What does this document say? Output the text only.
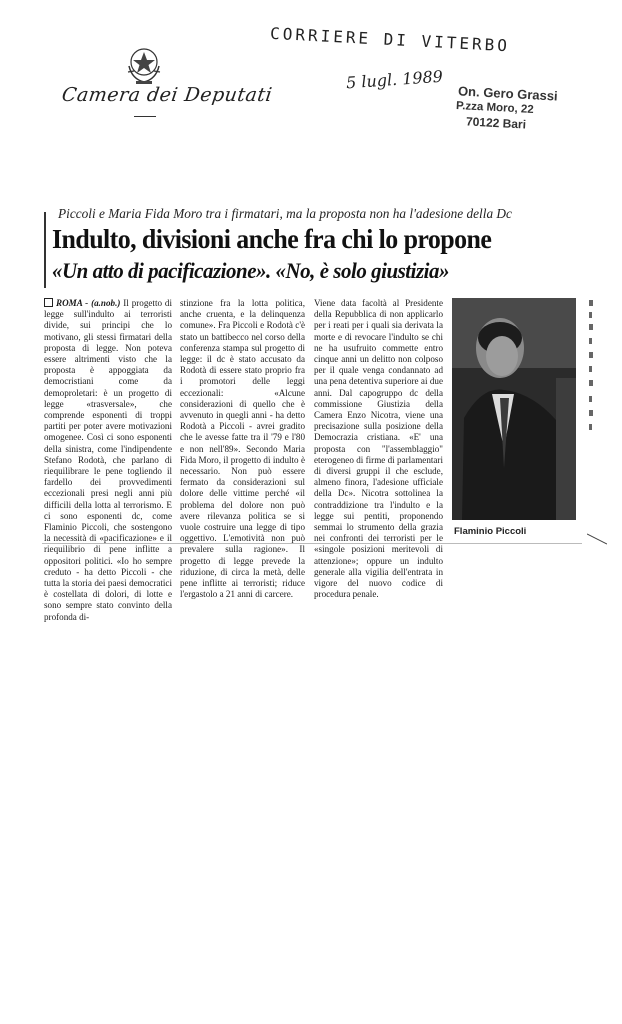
Camera dei Deputati
CORRIERE DI VITERBO
5 lugl. 1989
On. Gero Grassi
P.zza Moro, 22
70122 Bari
Piccoli e Maria Fida Moro tra i firmatari, ma la proposta non ha l'adesione della Dc
Indulto, divisioni anche fra chi lo propone
«Un atto di pacificazione». «No, è solo giustizia»
ROMA - (a.nob.) Il progetto di legge sull'indulto ai terroristi divide, sui principi che lo motivano, gli stessi firmatari della proposta di legge. Non poteva essere altrimenti visto che la proposta è appoggiata da democristiani come da demoproletari: è un progetto di legge «trasversale», che comprende esponenti di troppi partiti per poter avere motivazioni omogenee. Così ci sono esponenti della sinistra, come l'indipendente Stefano Rodotà, che parlano di riequilibrare le pene togliendo il fardello dei provvedimenti eccezionali presi negli anni più difficili della lotta al terrorismo. E ci sono esponenti dc, come Flaminio Piccoli, che sostengono la necessità di «pacificazione» e il riequilibrio di pene inflitte a oppositori politici. «Io ho sempre creduto - ha detto Piccoli - che tutta la storia dei paesi democratici è costellata di dolori, di lotte e sono sempre stato convinto della profonda di-
stinzione fra la lotta politica, anche cruenta, e la delinquenza comune». Fra Piccoli e Rodotà c'è stato un battibecco nel corso della conferenza stampa sul progetto di legge: il dc è stato accusato da Rodotà di essere stato proprio fra i promotori delle leggi eccezionali: «Alcune considerazioni di quello che è avvenuto in quegli anni - ha detto Rodotà a Piccoli - avrei gradito che le avesse fatte tra il '79 e l'80 e non nell'89». Secondo Maria Fida Moro, il progetto di indulto è necessario. Non può essere fermato da considerazioni sul dolore delle vittime perché «il problema del dolore non può avere rilevanza politica se si vuole costruire una legge di tipo oggettivo. L'emotività non può prevalere sulla ragione». Il progetto di legge prevede la riduzione, di circa la metà, delle pene inflitte ai terroristi; riduce l'ergastolo a 21 anni di carcere.
Viene data facoltà al Presidente della Repubblica di non applicarlo per i reati per i quali sia derivata la morte e di revocare l'indulto se chi ne ha usufruito commette entro cinque anni un delitto non colposo per il quale venga condannato ad una pena detentiva superiore ai due anni. Dal capogruppo dc della commissione Giustizia della Camera Enzo Nicotra, viene una precisazione sulla posizione della Democrazia cristiana. «E' una proposta con "l'assemblaggio" eterogeneo di firme di parlamentari di diversi gruppi il che esclude, almeno finora, l'adesione ufficiale della Dc». Nicotra sottolinea la contraddizione tra l'indulto e la legge sui pentiti, proponendo semmai lo strumento della grazia nei confronti dei terroristi per le «singole posizioni meritevoli di attenzione»; oppure un indulto generale alla vigilia dell'entrata in vigore del nuovo codice di procedura penale.
Flaminio Piccoli
